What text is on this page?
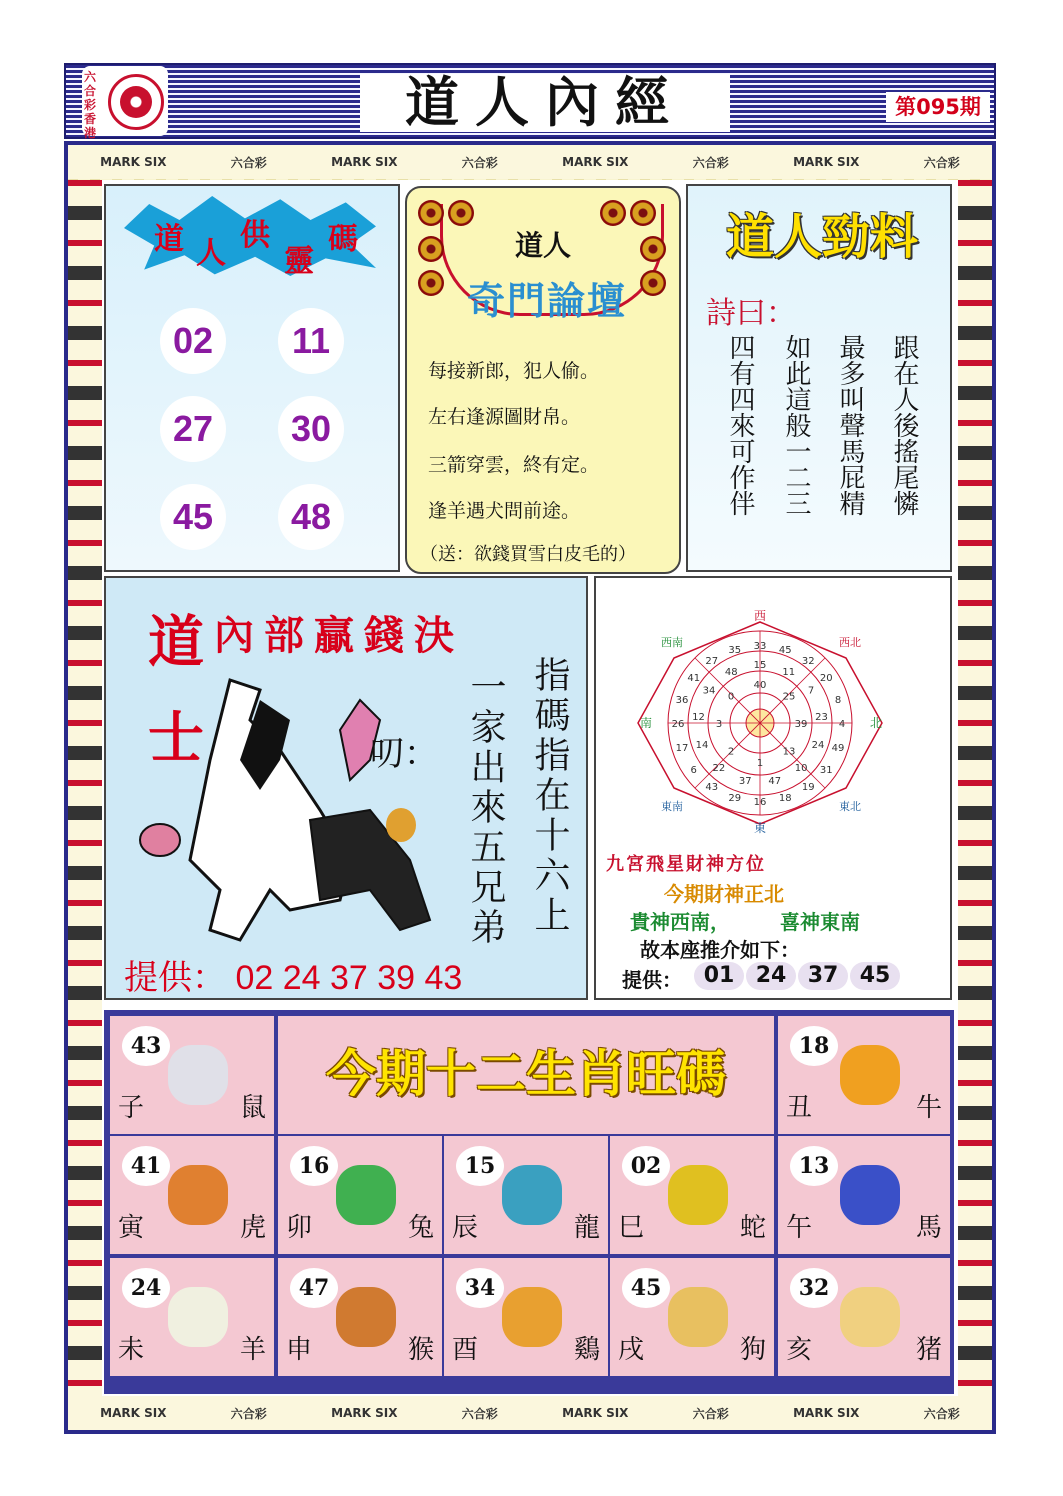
六合彩香港	道人內經	第095期
MARK SIX	六合彩	MARK SIX	六合彩	MARK SIX	六合彩	MARK SIX	六合彩
MARK SIX	六合彩	MARK SIX	六合彩	MARK SIX	六合彩	MARK SIX	六合彩
道 人
供
靈
碼
02	11
27	30
45	48
道人
奇門論壇
每接新郎，犯人偷。
左右逢源圖財帛。
三箭穿雲，終有定。
逢羊遇犬問前途。
（送：欲錢買雪白皮毛的）
道人勁料
詩曰：
跟在人後搖尾憐
最多叫聲馬屁精
如此這般一二三
四有四來可作伴
道士 內部贏錢決
叨：	指碼指在十六上
一家出來五兄弟
提供： 02 24 37 39 43
33 45
32
20
8
4
49
31
19
18
16
29
43
6
17
26
36
41
27
35
15
11
7
23
24
10
47
37
22
14
12
34
48
40
25
39
13
1
2
3
0
西
東
南	北
西南	西北
東南	東北
九宮飛星財神方位
今期財神正北
貴神西南，	喜神東南
故本座推介如下：
提供： 01 24 37 45
43
子	鼠
18
丑	牛
41
寅	虎
16
卯	兔
15
辰	龍
02
巳	蛇
13
午	馬
24
未	羊
47
申	猴
34
酉	鷄
45
戌	狗
32
亥	猪
今期十二生肖旺碼
